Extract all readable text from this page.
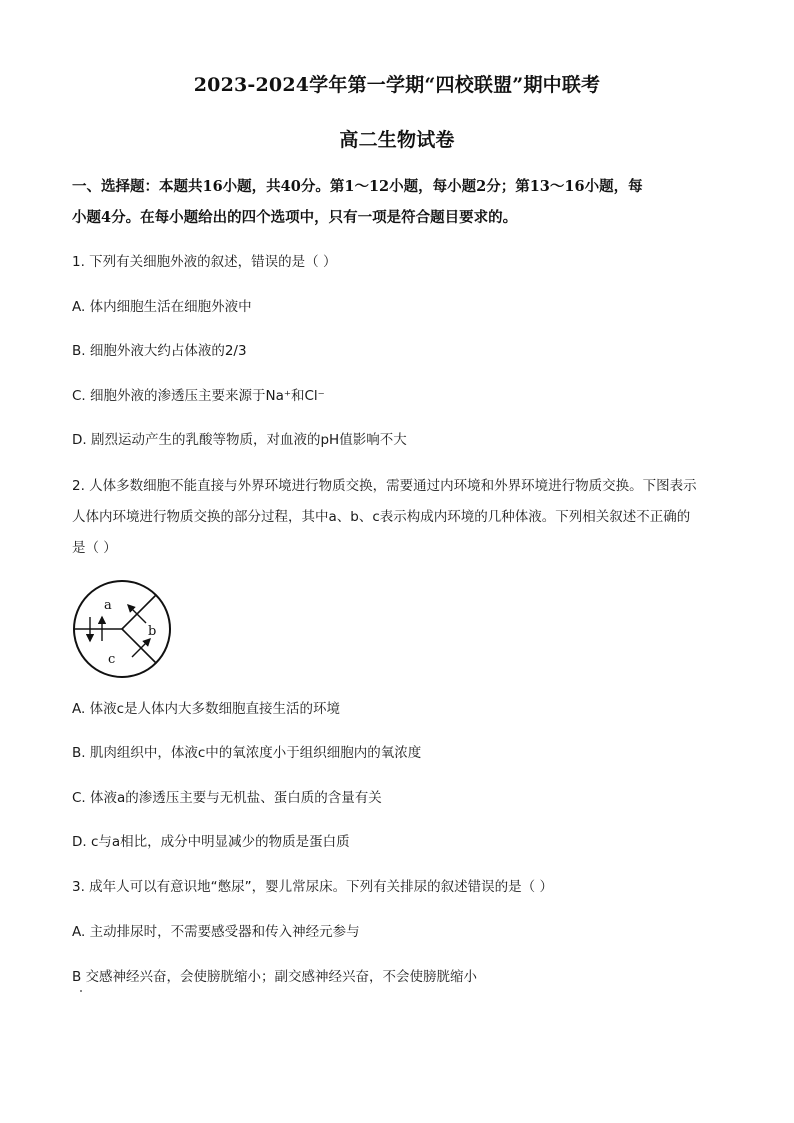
2023-2024学年第一学期“四校联盟”期中联考
高二生物试卷
一、选择题：本题共16小题，共40分。第1～12小题，每小题2分；第13～16小题，每
小题4分。在每小题给出的四个选项中，只有一项是符合题目要求的。
1. 下列有关细胞外液的叙述，错误的是（ ）
A. 体内细胞生活在细胞外液中
B. 细胞外液大约占体液的2/3
C. 细胞外液的渗透压主要来源于Na⁺和Cl⁻
D. 剧烈运动产生的乳酸等物质，对血液的pH值影响不大
2. 人体多数细胞不能直接与外界环境进行物质交换，需要通过内环境和外界环境进行物质交换。下图表示
人体内环境进行物质交换的部分过程，其中a、b、c表示构成内环境的几种体液。下列相关叙述不正确的
是（ ）
a
b
c
A. 体液c是人体内大多数细胞直接生活的环境
B. 肌肉组织中，体液c中的氧浓度小于组织细胞内的氧浓度
C. 体液a的渗透压主要与无机盐、蛋白质的含量有关
D. c与a相比，成分中明显减少的物质是蛋白质
3. 成年人可以有意识地“憋尿”，婴儿常尿床。下列有关排尿的叙述错误的是（ ）
A. 主动排尿时，不需要感受器和传入神经元参与
B 交感神经兴奋，会使膀胱缩小；副交感神经兴奋，不会使膀胱缩小
